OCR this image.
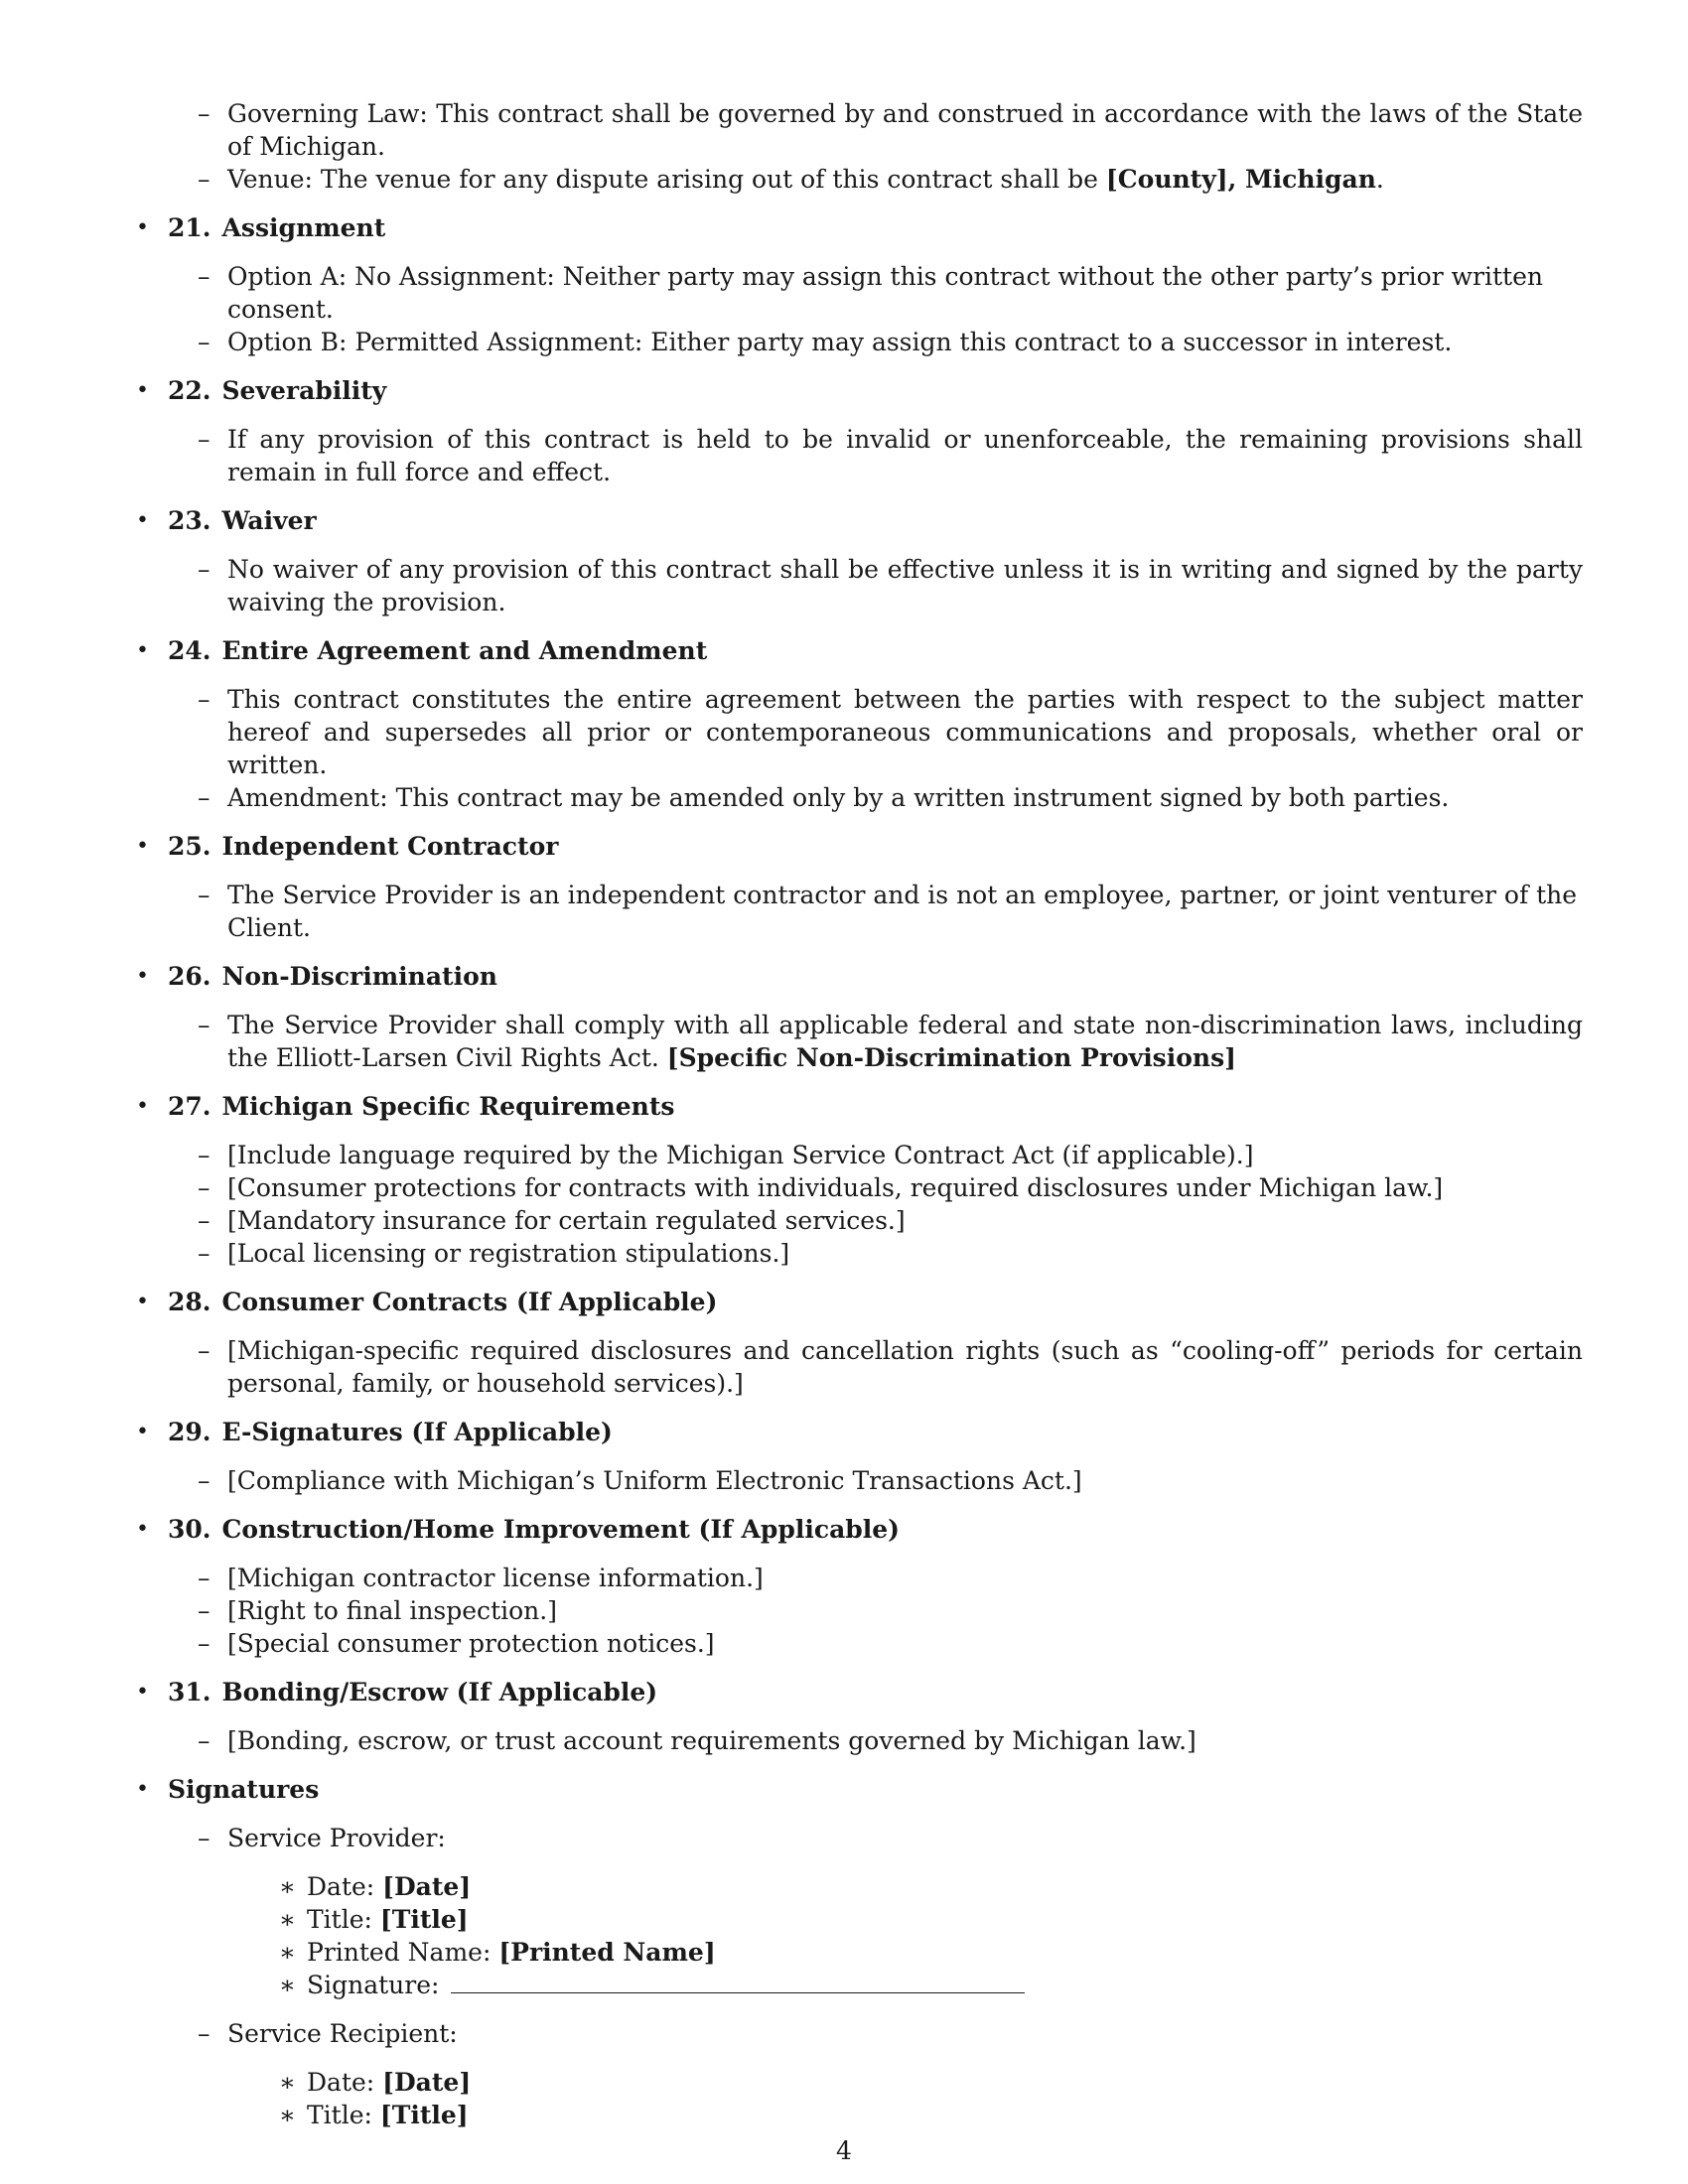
– Governing Law: This contract shall be governed by and construed in accordance with the laws of the State of Michigan.
– Venue: The venue for any dispute arising out of this contract shall be [County], Michigan.
• 21. Assignment
– Option A: No Assignment: Neither party may assign this contract without the other party’s prior written consent.
– Option B: Permitted Assignment: Either party may assign this contract to a successor in interest.
• 22. Severability
– If any provision of this contract is held to be invalid or unenforceable, the remaining provisions shall remain in full force and effect.
• 23. Waiver
– No waiver of any provision of this contract shall be effective unless it is in writing and signed by the party waiving the provision.
• 24. Entire Agreement and Amendment
– This contract constitutes the entire agreement between the parties with respect to the subject matter hereof and supersedes all prior or contemporaneous communications and proposals, whether oral or written.
– Amendment: This contract may be amended only by a written instrument signed by both parties.
• 25. Independent Contractor
– The Service Provider is an independent contractor and is not an employee, partner, or joint venturer of the Client.
• 26. Non-Discrimination
– The Service Provider shall comply with all applicable federal and state non-discrimination laws, including the Elliott-Larsen Civil Rights Act. [Specific Non-Discrimination Provisions]
• 27. Michigan Specific Requirements
– [Include language required by the Michigan Service Contract Act (if applicable).]
– [Consumer protections for contracts with individuals, required disclosures under Michigan law.]
– [Mandatory insurance for certain regulated services.]
– [Local licensing or registration stipulations.]
• 28. Consumer Contracts (If Applicable)
– [Michigan-specific required disclosures and cancellation rights (such as “cooling-off” periods for certain personal, family, or household services).]
• 29. E-Signatures (If Applicable)
– [Compliance with Michigan’s Uniform Electronic Transactions Act.]
• 30. Construction/Home Improvement (If Applicable)
– [Michigan contractor license information.]
– [Right to final inspection.]
– [Special consumer protection notices.]
• 31. Bonding/Escrow (If Applicable)
– [Bonding, escrow, or trust account requirements governed by Michigan law.]
• Signatures
– Service Provider:
∗ Date: [Date]
∗ Title: [Title]
∗ Printed Name: [Printed Name]
∗ Signature:
– Service Recipient:
∗ Date: [Date]
∗ Title: [Title]
4
